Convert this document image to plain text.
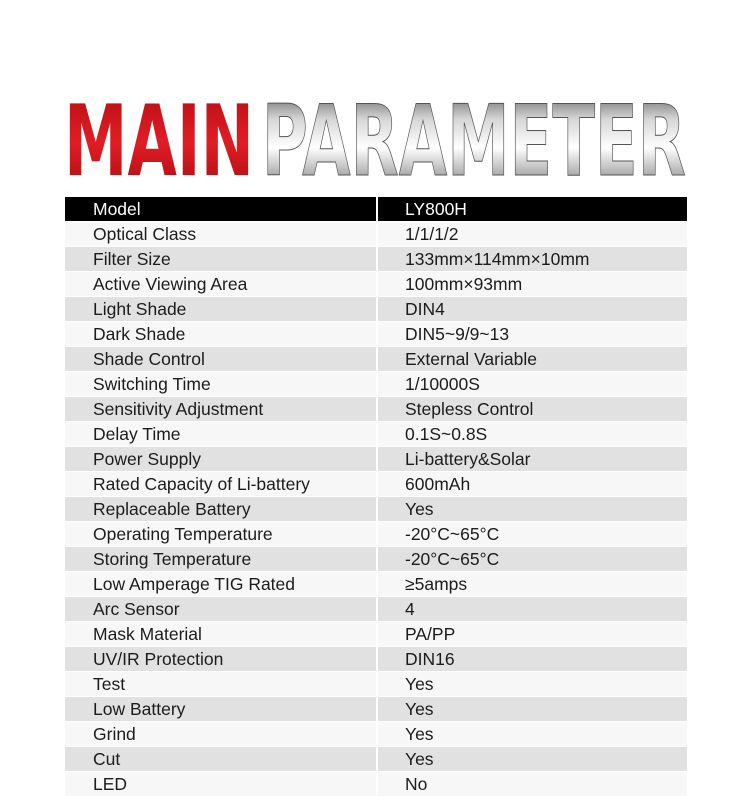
MAIN PARAMETER
Model	LY800H
Optical Class	1/1/1/2
Filter Size	133mm×114mm×10mm
Active Viewing Area	100mm×93mm
Light Shade	DIN4
Dark Shade	DIN5~9/9~13
Shade Control	External Variable
Switching Time	1/10000S
Sensitivity Adjustment	Stepless Control
Delay Time	0.1S~0.8S
Power Supply	Li-battery&Solar
Rated Capacity of Li-battery	600mAh
Replaceable Battery	Yes
Operating Temperature	-20°C~65°C
Storing Temperature	-20°C~65°C
Low Amperage TIG Rated	≥5amps
Arc Sensor	4
Mask Material	PA/PP
UV/IR Protection	DIN16
Test	Yes
Low Battery	Yes
Grind	Yes
Cut	Yes
LED	No
